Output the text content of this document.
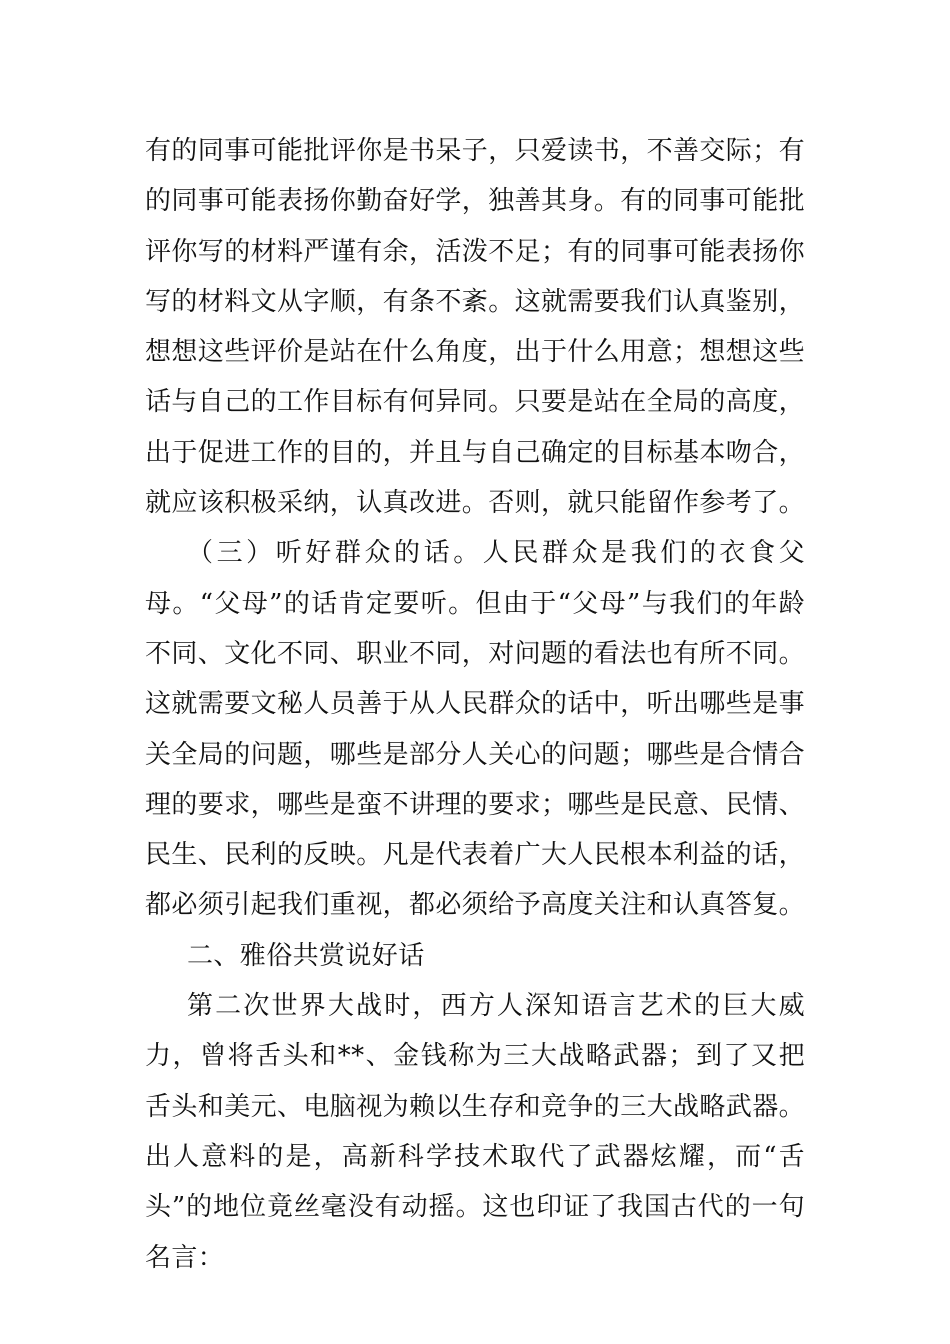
有的同事可能批评你是书呆子，只爱读书，不善交际；有的同事可能表扬你勤奋好学，独善其身。有的同事可能批评你写的材料严谨有余，活泼不足；有的同事可能表扬你写的材料文从字顺，有条不紊。这就需要我们认真鉴别，想想这些评价是站在什么角度，出于什么用意；想想这些话与自己的工作目标有何异同。只要是站在全局的高度，出于促进工作的目的，并且与自己确定的目标基本吻合，就应该积极采纳，认真改进。否则，就只能留作参考了。

（三）听好群众的话。人民群众是我们的衣食父母。“父母”的话肯定要听。但由于“父母”与我们的年龄不同、文化不同、职业不同，对问题的看法也有所不同。这就需要文秘人员善于从人民群众的话中，听出哪些是事关全局的问题，哪些是部分人关心的问题；哪些是合情合理的要求，哪些是蛮不讲理的要求；哪些是民意、民情、民生、民利的反映。凡是代表着广大人民根本利益的话，都必须引起我们重视，都必须给予高度关注和认真答复。

二、雅俗共赏说好话

第二次世界大战时，西方人深知语言艺术的巨大威力，曾将舌头和**、金钱称为三大战略武器；到了又把舌头和美元、电脑视为赖以生存和竞争的三大战略武器。出人意料的是，高新科学技术取代了武器炫耀，而“舌头”的地位竟丝毫没有动摇。这也印证了我国古代的一句名言：
